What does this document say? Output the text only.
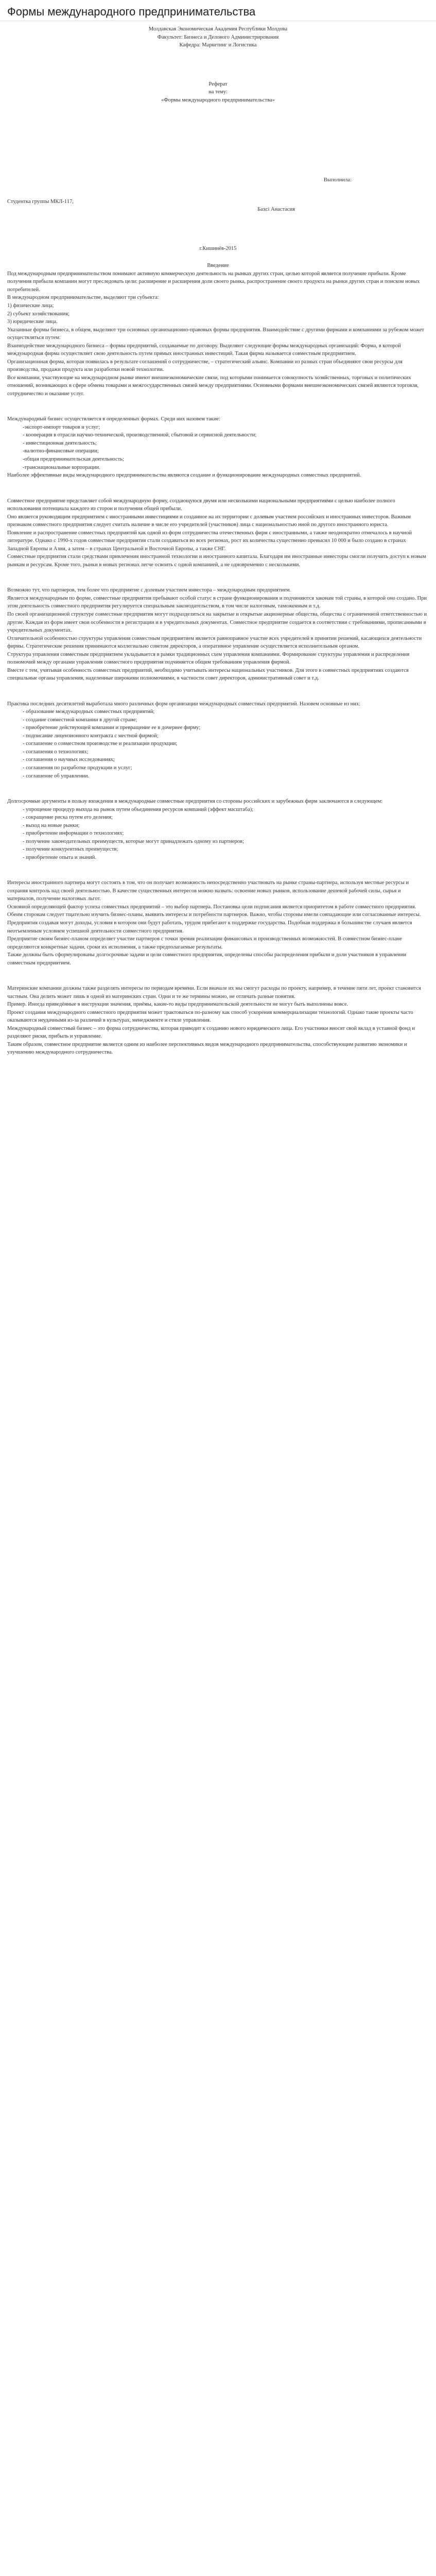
Формы международного предпринимательства

Молдавская Экономическая Академия Республики Молдова

Факультет: Бизнеса и Делового Администрирования

Кафедра: Маркетинг и Логистика

Реферат

на тему:

«Формы международного предпринимательства»

Выполнила:

Студентка группы МКЛ-117,

Бахсі Анастасия

г.Кишинёв-2015

Введение

Под международным предпринимательством понимают активную коммерческую деятельность на рынках других стран, целью которой является получение прибыли. Кроме получения прибыли компании могут преследовать цели: расширение и расширения доли своего рынка, распространение своего продукта на рынки других стран и поиском новых потребителей.

В международном предпринимательстве, выделяют три субъекта:

1) физические лица;

2) субъект хозяйствования;

3) юридические лица.

Указанные формы бизнеса, в общем, выделяют три основных организационно-правовых формы предприятия. Взаимодействие с другими фирмами и компаниями за рубежом может осуществляться путем:

Взаимодействие международного бизнеса – формы предприятий, создаваемые по договору. Выделяют следующие формы международных организаций: Форма, в которой международная фирма осуществляет свою деятельность путем прямых иностранных инвестиций. Такая фирма называется совместным предприятием.

Организационная форма, которая появилась в результате соглашений о сотрудничестве, – стратегический альянс. Компании из разных стран объединяют свои ресурсы для производства, продажи продукта или разработки новой технологии.

Все компании, участвующие на международном рынке имеют внешнеэкономические связи, под которыми понимается совокупность хозяйственных, торговых и политических отношений, возникающих в сфере обмена товарами и межгосударственных связей между предприятиями. Основными формами внешнеэкономических связей являются торговля, сотрудничество и оказание услуг.

Международный бизнес осуществляется в определенных формах. Среди них назовем такие:

-экспорт-импорт товаров и услуг;

- кооперация в отрасли научно-технической, производственной, сбытовой и сервисной деятельности;

- инвестиционная деятельность;

-валютно-финансовые операции;

-общая предпринимательская деятельность;

-транснациональные корпорации.

Наиболее эффективные виды международного предпринимательства являются создание и функционирование международных совместных предприятий.

Совместное предприятие представляет собой международную форму, создающуюся двумя или несколькими национальными предприятиями с целью наиболее полного использования потенциала каждого из сторон и получения общей прибыли.

Оно является руководящим предприятием с иностранными инвестициями и созданное на их территории с долевым участием российских и иностранных инвесторов. Важным признаком совместного предприятия следует считать наличие в числе его учредителей (участников) лица с национальностью иной по другого иностранного юриста.

Появление и распространение совместных предприятий как одной из форм сотрудничества отечественных фирм с иностранными, а также неоднократно отмечалось в научной литературе. Однако с 1990-х годов совместные предприятия стали создаваться во всех регионах, рост их количества существенно превысил 10 000 и было создано в странах Западной Европы и Азии, а затем – в странах Центральной и Восточной Европы, а также СНГ.

Совместные предприятия стали средствами привлечения иностранной технологии и иностранного капитала. Благодаря им иностранные инвесторы смогли получить доступ к новым рынкам и ресурсам. Кроме того, рынки в новых регионах легче освоить с одной компанией, а не одновременно с несколькими.

Возможно тут, что партнеров, тем более что предприятие с долевым участием инвестора – международным предприятием.

Является международным по форме, совместные предприятия пребывают особой статус в стране функционирования и подчиняются законам той страны, в которой оно создано. При этом деятельность совместного предприятия регулируется специальным законодательством, в том числе налоговым, таможенным и т.д.

По своей организационной структуре совместные предприятия могут подразделяться на закрытые и открытые акционерные общества, общества с ограниченной ответственностью и другие. Каждая из форм имеет свои особенности в регистрации и в учредительных документах. Совместное предприятие создается в соответствии с требованиями, прописанными в учредительных документах.

Отличительной особенностью структуры управления совместным предприятием является равноправное участие всех учредителей в принятии решений, касающихся деятельности фирмы. Стратегические решения принимаются коллегиально советом директоров, а оперативное управление осуществляется исполнительным органом.

Структура управления совместным предприятием укладывается в рамки традиционных схем управления компаниями. Формирование структуры управления и распределения полномочий между органами управления совместного предприятия подчиняется общим требованиям управления фирмой.

Вместе с тем, учитывая особенность совместных предприятий, необходимо учитывать интересы национальных участников. Для этого в совместных предприятиях создаются специальные органы управления, наделенные широкими полномочиями, в частности совет директоров, административный совет и т.д.

Практика последних десятилетий выработала много различных форм организации международных совместных предприятий. Назовем основные из них:

- образование международных совместных предприятий;

- создание совместной компании в другой стране;

- приобретение действующей компании и превращение ее в дочернее фирму;

- подписание лицензионного контракта с местной фирмой;

- соглашение о совместном производстве и реализации продукции;

- соглашения о технологиях;

- соглашения о научных исследованиях;

- соглашения по разработке продукции и услуг;

- соглашение об управлении.

Долгосрочные аргументы в пользу вхождения в международные совместные предприятия со стороны российских и зарубежных фирм заключаются в следующем:

- упрощение процедур выхода на рынок путем объединения ресурсов компаний (эффект масштаба);

- сокращение риска путем его деления;

- выход на новые рынки;

- приобретение информации о технологиях;

- получение законодательных преимуществ, которые могут принадлежать одному из партнеров;

- получение конкурентных преимуществ;

- приобретение опыта и знаний.

Интересы иностранного партнера могут состоять в том, что он получает возможность непосредственно участвовать на рынке страны-партнера, используя местные ресурсы и сохраняя контроль над своей деятельностью. В качестве существенных интересов можно назвать: освоение новых рынков, использование дешевой рабочей силы, сырья и материалов, получение налоговых льгот.

Основной определяющей фактор успеха совместных предприятий – это выбор партнера. Постановка цели подписания является приоритетом в работе совместного предприятия. Обеим сторонам следует тщательно изучить бизнес-планы, выявить интересы и потребности партнеров. Важно, чтобы стороны имели совпадающие или согласованные интересы.

Предприятия создавая могут доходы, условия в котором они будут работать, трудом прибегают к поддержке государства. Подобная поддержка в большинстве случаев является неотъемлемым условием успешной деятельности совместного предприятия.

Предприятие своим бизнес-планом определяет участие партнеров с точки зрения реализации финансовых и производственных возможностей. В совместном бизнес-плане определяются конкретные задачи, сроки их исполнения, а также предполагаемые результаты.

Также должны быть сформулированы долгосрочные задачи и цели совместного предприятия, определены способы распределения прибыли и доли участников в управлении совместным предприятием.

Материнские компании должны также разделять интересы по периодам времени. Если вначале их мы смогут расходы по проекту, например, в течение пяти лет, проект становится частным. Она делить может лишь в одной из материнских стран. Одни и те же термины можно, не отличать разные понятия.

Пример. Иногда приведённые в инструкции значения, приёмы, какие-то виды предпринимательской деятельности не могут быть выполнены вовсе.

Проект создания международного совместного предприятия может трактоваться по-разному как способ ускорения коммерциализации технологий. Однако такие проекты часто оказываются неудачными из-за различий в культурах, менеджменте и стиле управления.

Международный совместный бизнес – это форма сотрудничества, которая приводит к созданию нового юридического лица. Его участники вносят свой вклад в уставной фонд и разделяют риски, прибыль и управление.

Таким образом, совместное предприятие является одним из наиболее перспективных видов международного предпринимательства, способствующим развитию экономики и улучшению международного сотрудничества.
